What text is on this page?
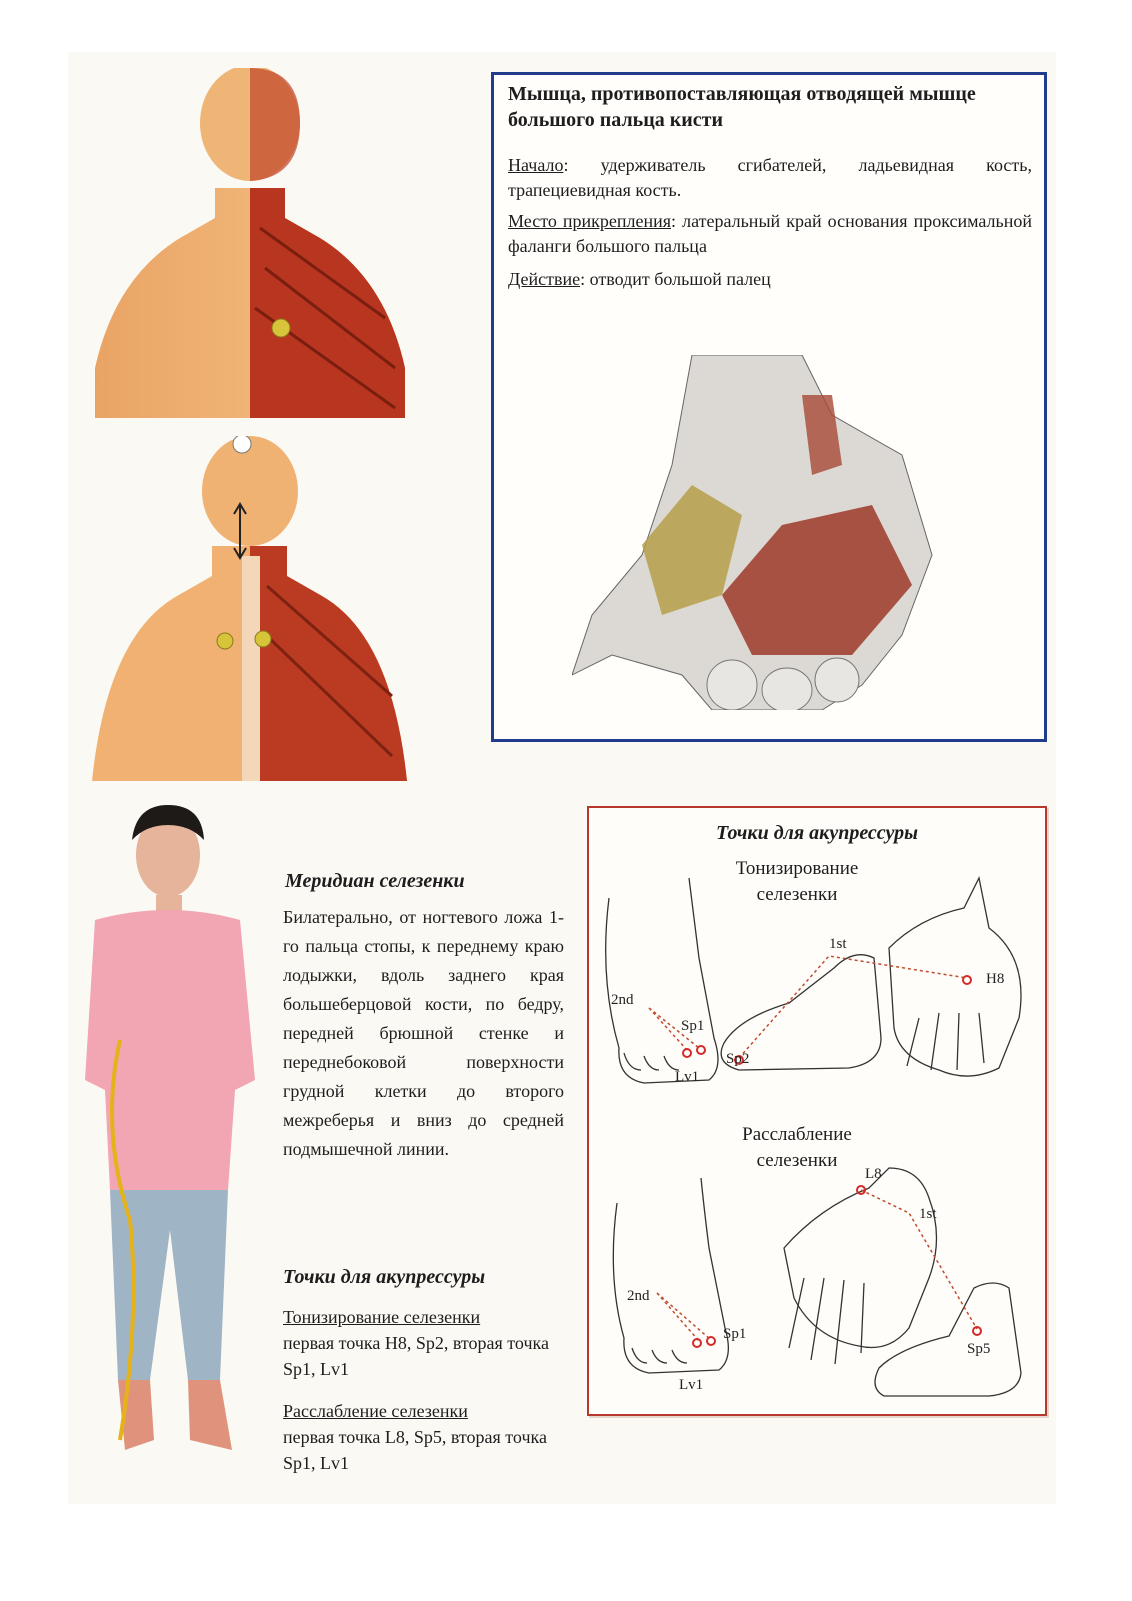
Мышца, противопоставляющая отводящей мышце большого пальца кисти
Начало: удерживатель сгибателей, ладьевидная кость, трапециевидная кость.
Место прикрепления: латеральный край основания проксимальной фаланги большого пальца
Действие: отводит большой палец
Меридиан селезенки
Билатерально, от ногтевого ложа 1-го пальца стопы, к переднему краю лодыжки, вдоль заднего края большеберцовой кости, по бедру, передней брюшной стенке и переднебоковой поверхности грудной клетки до второго межреберья и вниз до средней подмышечной линии.
Точки для акупрессуры
Тонизирование селезенки
первая точка H8, Sp2, вторая точка Sp1, Lv1
Расслабление селезенки
первая точка L8, Sp5, вторая точка Sp1, Lv1
Точки для акупрессуры
Тонизирование
селезенки
Расслабление
селезенки
2nd
Sp1
Lv1
Sp2
1st
H8
2nd
Sp1
Lv1
L8
1st
Sp5
